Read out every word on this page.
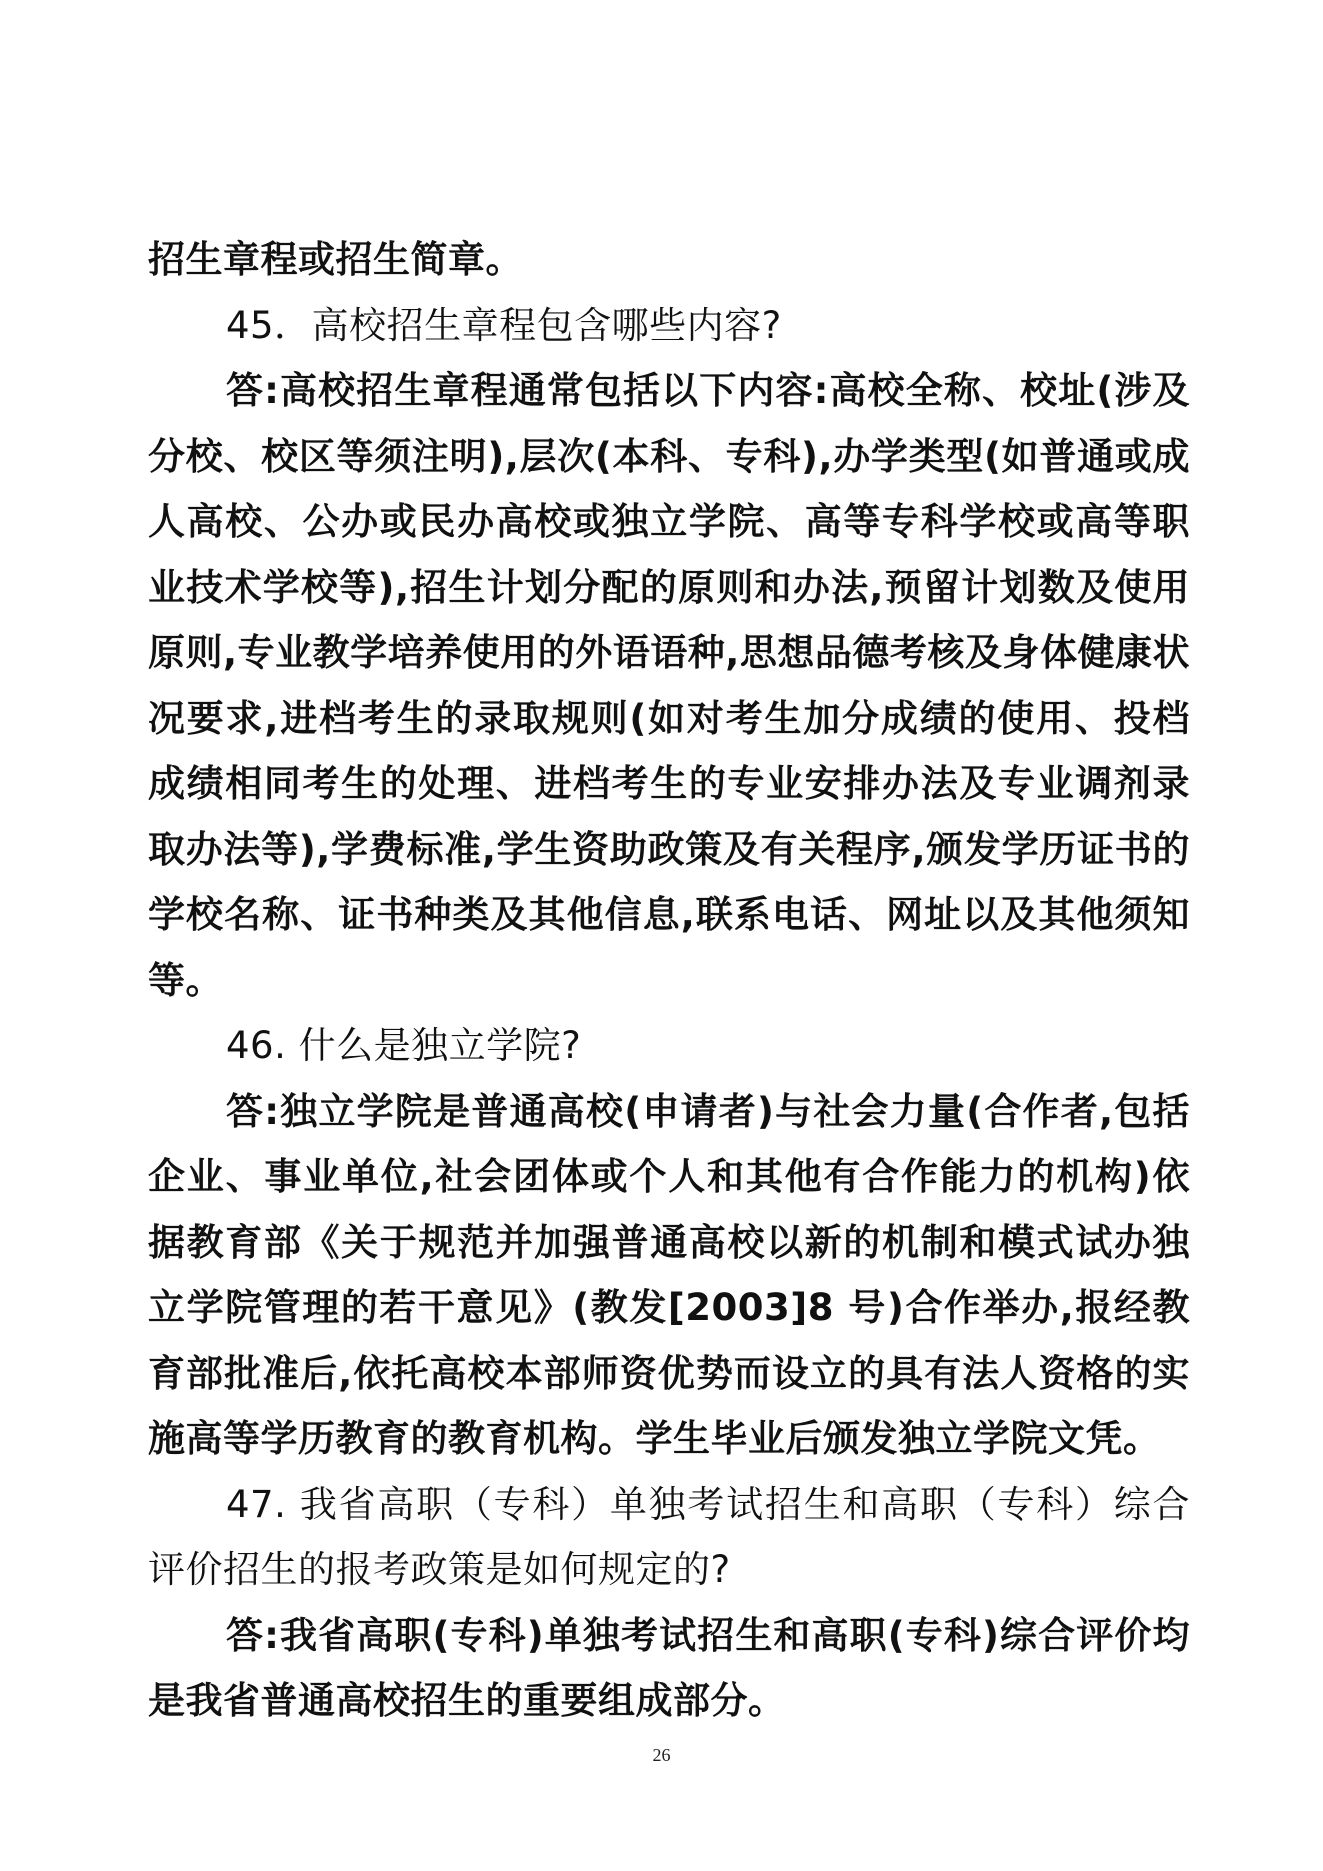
招生章程或招生简章。

45．高校招生章程包含哪些内容?

答:高校招生章程通常包括以下内容:高校全称、校址(涉及分校、校区等须注明),层次(本科、专科),办学类型(如普通或成人高校、公办或民办高校或独立学院、高等专科学校或高等职业技术学校等),招生计划分配的原则和办法,预留计划数及使用原则,专业教学培养使用的外语语种,思想品德考核及身体健康状况要求,进档考生的录取规则(如对考生加分成绩的使用、投档成绩相同考生的处理、进档考生的专业安排办法及专业调剂录取办法等),学费标准,学生资助政策及有关程序,颁发学历证书的学校名称、证书种类及其他信息,联系电话、网址以及其他须知等。

46. 什么是独立学院?

答:独立学院是普通高校(申请者)与社会力量(合作者,包括企业、事业单位,社会团体或个人和其他有合作能力的机构)依据教育部《关于规范并加强普通高校以新的机制和模式试办独立学院管理的若干意见》(教发[2003]8 号)合作举办,报经教育部批准后,依托高校本部师资优势而设立的具有法人资格的实施高等学历教育的教育机构。学生毕业后颁发独立学院文凭。

47. 我省高职（专科）单独考试招生和高职（专科）综合评价招生的报考政策是如何规定的?

答:我省高职(专科)单独考试招生和高职(专科)综合评价均是我省普通高校招生的重要组成部分。

26
